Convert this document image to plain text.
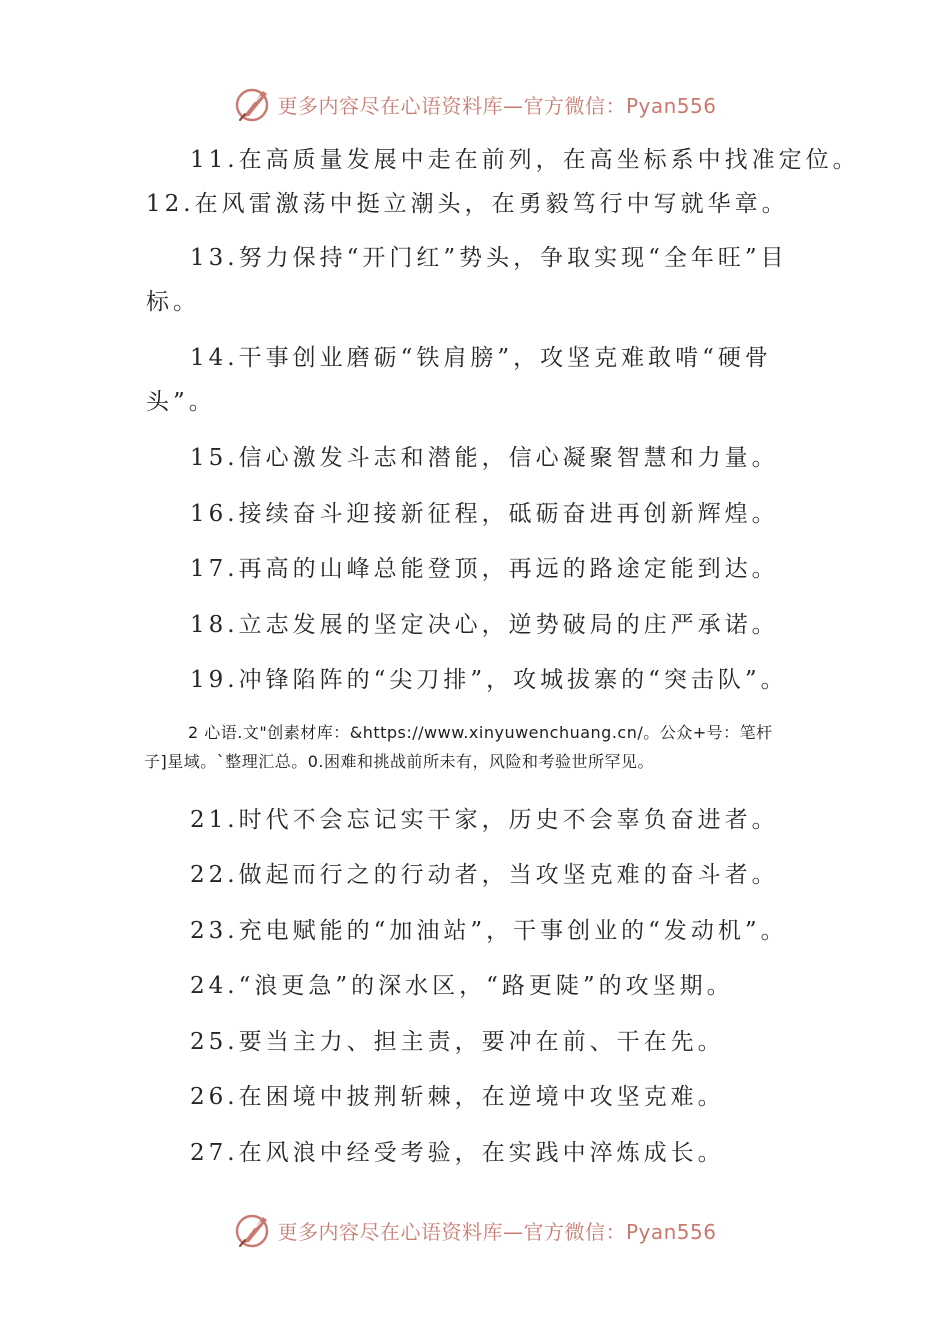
更多内容尽在心语资料库—官方微信：Pyan556
11.在高质量发展中走在前列，在高坐标系中找准定位。
12.在风雷激荡中挺立潮头，在勇毅笃行中写就华章。
13.努力保持“开门红”势头，争取实现“全年旺”目标。
14.干事创业磨砺“铁肩膀”，攻坚克难敢啃“硬骨头”。
15.信心激发斗志和潜能，信心凝聚智慧和力量。
16.接续奋斗迎接新征程，砥砺奋进再创新辉煌。
17.再高的山峰总能登顶，再远的路途定能到达。
18.立志发展的坚定决心，逆势破局的庄严承诺。
19.冲锋陷阵的“尖刀排”，攻城拔寨的“突击队”。
2 心语.文"创素材库：&https://www.xinyuwenchuang.cn/。公众+号：笔杆
子]星域。`整理汇总。0.困难和挑战前所未有，风险和考验世所罕见。
21.时代不会忘记实干家，历史不会辜负奋进者。
22.做起而行之的行动者，当攻坚克难的奋斗者。
23.充电赋能的“加油站”，干事创业的“发动机”。
24.“浪更急”的深水区，“路更陡”的攻坚期。
25.要当主力、担主责，要冲在前、干在先。
26.在困境中披荆斩棘，在逆境中攻坚克难。
27.在风浪中经受考验，在实践中淬炼成长。
更多内容尽在心语资料库—官方微信：Pyan556
